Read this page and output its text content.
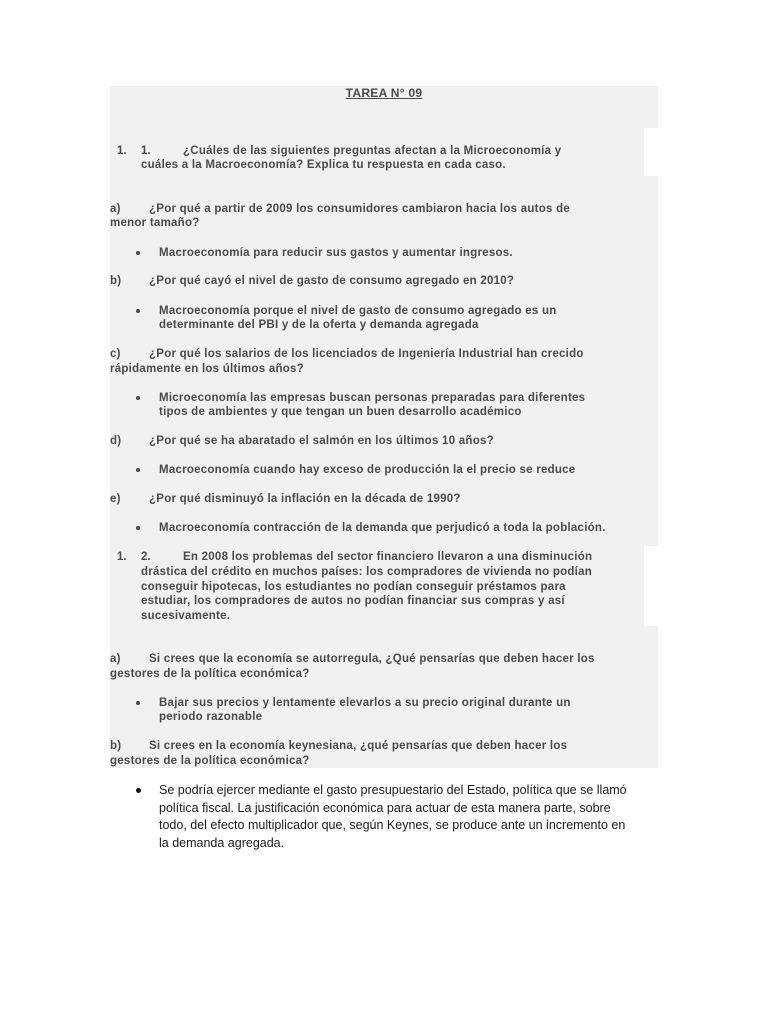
TAREA N° 09
1. 1.	¿Cuáles de las siguientes preguntas afectan a la Microeconomía y
cuáles a la Macroeconomía? Explica tu respuesta en cada caso.
a) ¿Por qué a partir de 2009 los consumidores cambiaron hacia los autos de
menor tamaño?
Macroeconomía para reducir sus gastos y aumentar ingresos.
b) ¿Por qué cayó el nivel de gasto de consumo agregado en 2010?
Macroeconomía porque el nivel de gasto de consumo agregado es un
determinante del PBI y de la oferta y demanda agregada
c) ¿Por qué los salarios de los licenciados de Ingeniería Industrial han crecido
rápidamente en los últimos años?
Microeconomía las empresas buscan personas preparadas para diferentes
tipos de ambientes y que tengan un buen desarrollo académico
d) ¿Por qué se ha abaratado el salmón en los últimos 10 años?
Macroeconomía cuando hay exceso de producción la el precio se reduce
e) ¿Por qué disminuyó la inflación en la década de 1990?
Macroeconomía contracción de la demanda que perjudicó a toda la población.
1. 2.	En 2008 los problemas del sector financiero llevaron a una disminución
drástica del crédito en muchos países: los compradores de vivienda no podían
conseguir hipotecas, los estudiantes no podían conseguir préstamos para
estudiar, los compradores de autos no podían financiar sus compras y así
sucesivamente.
a) Si crees que la economía se autorregula, ¿Qué pensarías que deben hacer los
gestores de la política económica?
Bajar sus precios y lentamente elevarlos a su precio original durante un
periodo razonable
b) Si crees en la economía keynesiana, ¿qué pensarías que deben hacer los
gestores de la política económica?
Se podría ejercer mediante el gasto presupuestario del Estado, política que se llamó
política fiscal. La justificación económica para actuar de esta manera parte, sobre
todo, del efecto multiplicador que, según Keynes, se produce ante un incremento en
la demanda agregada.
